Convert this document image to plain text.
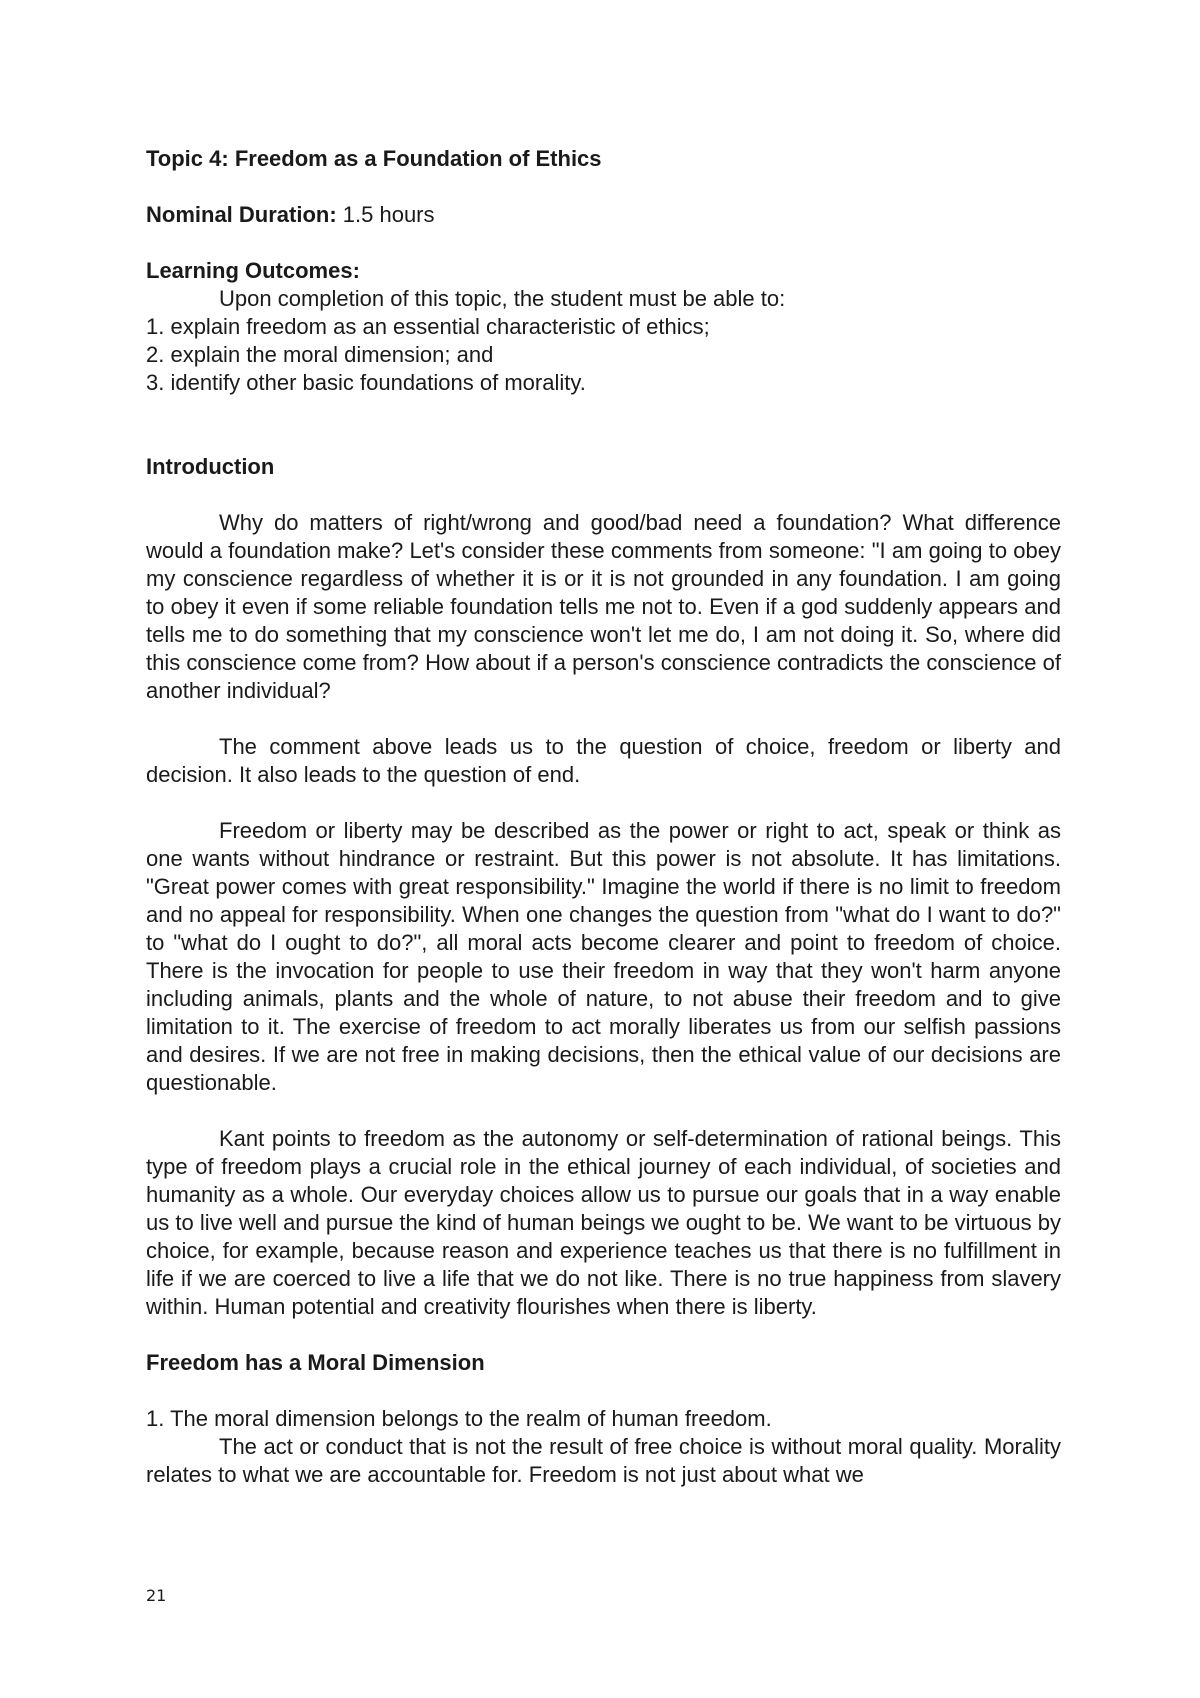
Topic 4: Freedom as a Foundation of Ethics

Nominal Duration: 1.5 hours

Learning Outcomes:
Upon completion of this topic, the student must be able to:
1. explain freedom as an essential characteristic of ethics;
2. explain the moral dimension; and
3. identify other basic foundations of morality.

Introduction

Why do matters of right/wrong and good/bad need a foundation? What difference would a foundation make? Let's consider these comments from someone: "I am going to obey my conscience regardless of whether it is or it is not grounded in any foundation. I am going to obey it even if some reliable foundation tells me not to. Even if a god suddenly appears and tells me to do something that my conscience won't let me do, I am not doing it. So, where did this conscience come from? How about if a person's conscience contradicts the conscience of another individual?

The comment above leads us to the question of choice, freedom or liberty and decision. It also leads to the question of end.

Freedom or liberty may be described as the power or right to act, speak or think as one wants without hindrance or restraint. But this power is not absolute. It has limitations. "Great power comes with great responsibility." Imagine the world if there is no limit to freedom and no appeal for responsibility. When one changes the question from "what do I want to do?" to "what do I ought to do?", all moral acts become clearer and point to freedom of choice. There is the invocation for people to use their freedom in way that they won't harm anyone including animals, plants and the whole of nature, to not abuse their freedom and to give limitation to it. The exercise of freedom to act morally liberates us from our selfish passions and desires. If we are not free in making decisions, then the ethical value of our decisions are questionable.

Kant points to freedom as the autonomy or self-determination of rational beings. This type of freedom plays a crucial role in the ethical journey of each individual, of societies and humanity as a whole. Our everyday choices allow us to pursue our goals that in a way enable us to live well and pursue the kind of human beings we ought to be. We want to be virtuous by choice, for example, because reason and experience teaches us that there is no fulfillment in life if we are coerced to live a life that we do not like. There is no true happiness from slavery within. Human potential and creativity flourishes when there is liberty.

Freedom has a Moral Dimension

1. The moral dimension belongs to the realm of human freedom.

The act or conduct that is not the result of free choice is without moral quality. Morality relates to what we are accountable for. Freedom is not just about what we

21
